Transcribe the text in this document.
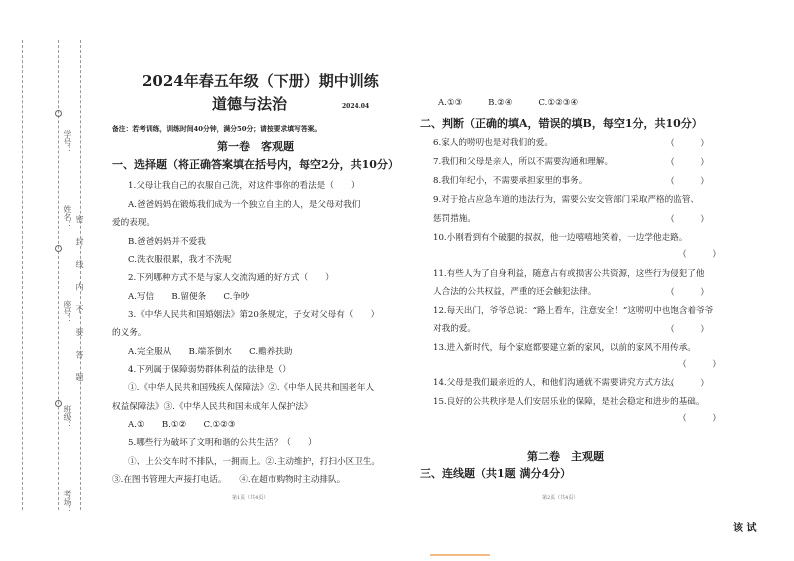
学号：
姓名：
座号：
班级：
考场：
密 封 线 内 不 要 答 题
2024年春五年级（下册）期中训练
道德与法治	2024.04
备注：若考训练，训练时间40分钟，满分50分；请按要求填写答案。
第一卷　客观题
一、选择题（将正确答案填在括号内，每空2分，共10分）
1.父母让我自己的衣服自己洗，对这件事你的看法是（　　）
A.爸爸妈妈在锻炼我们成为一个独立自主的人，是父母对我们
爱的表现。
B.爸爸妈妈并不爱我
C.洗衣服很累，我才不洗呢
2.下列哪种方式不是与家人交流沟通的好方式（　　）
A.写信　　B.留便条　　C.争吵
3.《中华人民共和国婚姻法》第20条规定，子女对父母有（　　）
的义务。
A.完全服从　　B.端茶倒水　　C.赡养扶助
4.下列属于保障弱势群体利益的法律是（）
①.《中华人民共和国残疾人保障法》②.《中华人民共和国老年人
权益保障法》③.《中华人民共和国未成年人保护法》
A.①　　B.①②　　C.①②③
5.哪些行为破坏了文明和谐的公共生活？（　　）
①、上公交车时不排队，一拥而上。②.主动维护，打扫小区卫生。
③.在图书管理大声接打电话。　　④.在超市购物时主动排队。
第1页（共4页）
A.①③　　　B.②④　　　C.①②③④
二、判断（正确的填A，错误的填B，每空1分，共10分）
6.家人的唠叨也是对我们的爱。	（　　　）
7.我们和父母是亲人，所以不需要沟通和理解。	（　　　）
8.我们年纪小，不需要承担家里的事务。	（　　　）
9.对于抢占应急车道的违法行为，需要公安交管部门采取严格的监管、
惩罚措施。	（　　　）
10.小刚看到有个破腿的叔叔，他一边嘻嘻地笑着，一边学他走路。
（　　　）
11.有些人为了自身利益，随意占有或损害公共资源，这些行为侵犯了他
人合法的公共权益，严重的还会触犯法律。	（　　　）
12.每天出门，爷爷总说：“路上看车，注意安全！”这唠叨中也饱含着爷爷
对我的爱。	（　　　）
13.进入新时代，每个家庭都要建立新的家风，以前的家风不用传承。
（　　　）
14.父母是我们最亲近的人，和他们沟通就不需要讲究方式方法。
（　　　）
15.良好的公共秩序是人们安居乐业的保障，是社会稳定和进步的基础。
（　　　）
第二卷　主观题
三、连线题（共1题 满分4分）
第2页（共4页）
该 试
